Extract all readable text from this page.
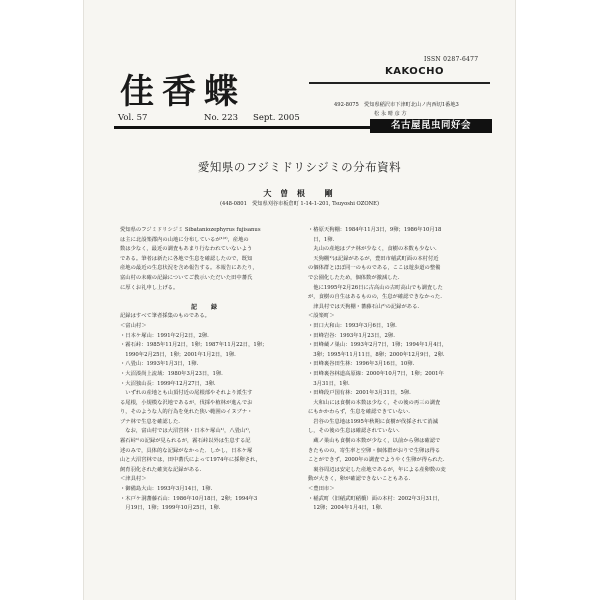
ISSN 0287-6477
KAKOCHO
佳香蝶	492-8075　愛知県稲沢市下津町北山ノ内西切1番地3
松 永 晴 彦 方
Vol. 57	No. 223 Sept. 2005
名古屋昆虫同好会
愛知県のフジミドリシジミの分布資料
大 曽 根 　剛
(448-0801　愛知県刈谷市板倉町 1-14-1-201, Tsuyoshi OZONE)
愛知県のフジミドリシジミ Sibataniozephyrus fujisanus
は主に北設楽郡内の山地に分布しているが¹⁾²⁾，産地の
数は少なく，最近の調査もあまり行なわれていないよう
である。筆者は新たに各地で生息を確認したので，既知
産地の最近の生息状況を含め報告する。本報告にあたり，
富山村の未確の記録についてご教示いただいた田中蕃氏
に厚くお礼申し上げる。
記　録
記録はすべて筆者採集のものである。
＜富山村＞
・日本ケ塚山：1991年2月2日，2卵.
・霧石峠：1985年11月2日，1卵；1987年11月22日，1卵；
　1990年2月25日，1卵；2001年1月2日，1卵.
・八畳山：1993年1月3日，1卵.
・大沼湊尚上流域：1980年3月23日，1卵.
・大沼独山長：1999年12月27日，3卵.
　いずれの産地とも山頂付近の尾根部やそれより派生す
る尾根，小規模な沢地であるが，伐採や植林が進んでお
り，そのような人的行為を免れた狭い範囲のイヌブナ・
ブナ林で生息を確認した.
　なお，富山村では大沼宮林・日本ケ塚山¹⁾，八畳山¹⁾，
霧石峠¹⁾の記録が見られるが，霧石峠以外は生息する記
述のみで，具体的な記録がなかった．しかし，日本ケ塚
山と大沼宮林では，田中蕃氏によって1974年に採卵され，
飼育羽化された確実な記録がある.
＜津具村＞
・御備島大山：1993年3月14日，1卵.
・木戸ケ洞蕃藤石山：1986年10月18日，2卵；1994年3
　月19日，1卵；1999年10月25日，1卵.
・椿原天狗棚：1984年11月3日，9卵；1986年10月18
　日，1卵.
　丸山の産地はブナ林が少なく，食樹の本数も少ない.
　天狗棚¹⁾は記録があるが，豊田市稲武町面の本村付近
の個体群とほぼ同一のものである，ここは遊歩道の整備
で公園化したため，個体数が激減した.
　他に1995年2月26日に古高山の古町高山でも調査した
が，食樹の自生はあるものの，生息が確認できなかった.
　津具村では天狗棚・蕃藤石山²⁾の記録がある.
＜設楽町＞
・田口大和山：1993年3月6日，1卵.
・田峰岩谷：1993年1月23日，2卵.
・田峰蔵ノ巣山：1993年2月7日，1卵；1994年1月4日，
　3卵；1995年11月11日，8卵；2000年12月9日，2卵.
・田峰裏谷田生林：1996年3月16日，10卵.
・田峰裏谷林道高原線：2000年10月7日，1卵；2001年
　3月31日，1卵.
・田峰段戸国有林：2001年3月31日，5卵.
　大和山には食樹の本数は少なく，その後の再三の調査
にもかかわらず，生息を確認できていない.
　岩谷の生息地は1995年秋期に食樹が伐採されて消滅
し，その後の生息は確認されていない.
　蔵ノ巣山も食樹の本数が少なく，以前から卵は確認で
きたものの，寄生率と空卵・個体群がおりで生卵は得る
ことができず，2000年の調査でようやく生卵が得られた.
　裏谷周辺は安定した産地であるが，年による産卵数の変
動が大きく，卵が確認できないこともある.
＜豊田市＞
・稲武町（旧稲武町稲橋）面の本村：2002年3月31日，
　12卵；2004年1月4日，1卵.
